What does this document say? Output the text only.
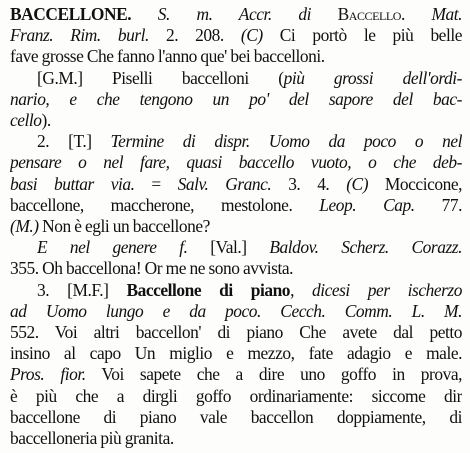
BACCELLONE. S. m. Accr. di Baccello. Mat.
Franz. Rim. burl. 2. 208. (C) Ci portò le più belle
fave grosse Che fanno l'anno que' bei baccelloni.
[G.M.] Piselli baccelloni (più grossi dell'ordi-
nario, e che tengono un po' del sapore del bac-
cello).
2. [T.] Termine di dispr. Uomo da poco o nel
pensare o nel fare, quasi baccello vuoto, o che deb-
basi buttar via. = Salv. Granc. 3. 4. (C) Moccicone,
baccellone, maccherone, mestolone. Leop. Cap. 77.
(M.) Non è egli un baccellone?
E nel genere f. [Val.] Baldov. Scherz. Corazz.
355. Oh baccellona! Or me ne sono avvista.
3. [M.F.] Baccellone di piano, dicesi per ischerzo
ad Uomo lungo e da poco. Cecch. Comm. L. M.
552. Voi altri baccellon' di piano Che avete dal petto
insino al capo Un miglio e mezzo, fate adagio e male.
Pros. fior. Voi sapete che a dire uno goffo in prova,
è più che a dirgli goffo ordinariamente: siccome dir
baccellone di piano vale baccellon doppiamente, di
baccelloneria più granita.
